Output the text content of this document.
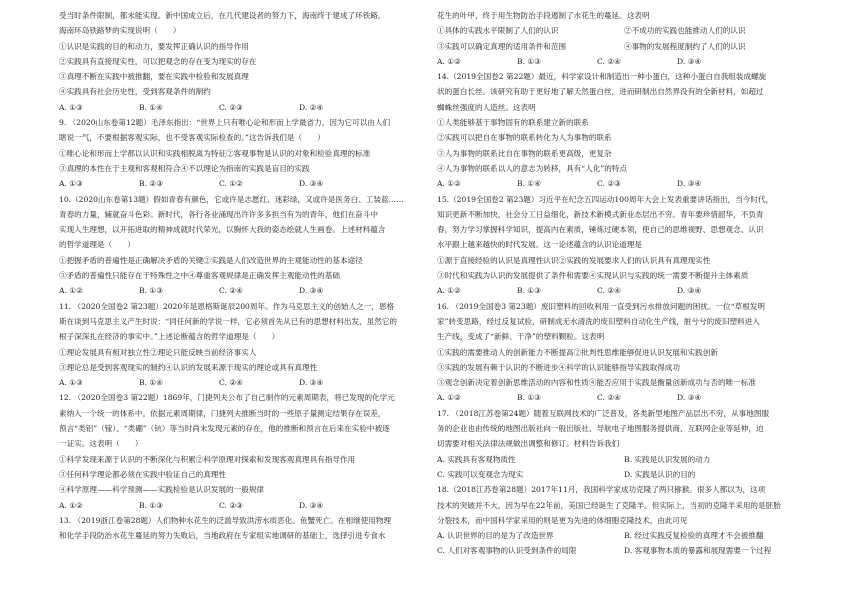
受当时条件限制，都未能实现。新中国成立后，在几代建设者的努力下，海南终于建成了环铁路。
海南环岛铁路梦的实现说明（　　）
①认识是实践的目的和动力，要发挥正确认识的指导作用
②实践具有直接现实性，可以把观念的存在变为现实的存在
③真理不断在实践中被推翻，要在实践中检验和发展真理
④实践具有社会历史性，受到客观条件的制约
A. ①③	B. ①④	C. ②③	D. ②④
9. （2020山东卷第12题）毛泽东指出：“世界上只有唯心论和形而上学最省力，因为它可以由人们
瞎说一气，不要根据客观实际，也不受客观实际检查的。”这告诉我们是（　　）
①唯心论和形而上学都以认识和实践相脱离为特征②客观事物是认识的对象和检验真理的标准
③真理的本性在于主观和客观相符合④不以理论为指南的实践是盲目的实践
A. ①③	B. ②③	C. ①②	D. ③④
10.（2020山东卷第13题）假如青春有颜色，它或许是志愿红、迷彩绿，又或许是医务白、工装蓝……
青春的力量，辅就奋斗色彩。新时代，各行各业涌现出许许多多担当有为的青年，他们在奋斗中
实现人生理想，以开拓进取的精神成就时代荣光，以胸怀大我的姿态绘就人生画卷。上述材料蕴含
的哲学道理是（　　）
①把握矛盾的普遍性是正确解决矛盾的关键②实践是人们改造世界的主观能动性的基本途径
③矛盾的普遍性只能存在于特殊性之中④尊重客观规律是正确发挥主观能动性的基础
A. ①②	B. ①③	C. ②④	D. ③④
11. （2020全国卷2 第23题）2020年是恩格斯诞辰200周年。作为马克思主义的创始人之一，恩格
斯在谈到马克思主义产生时说：“同任何新的学说一样，它必须首先从已有的思想材料出发，虽然它的
根子深深扎在经济的事实中。”上述论断蕴含的哲学道理是（　　）
①理论发展具有相对独立性②理论只能反映当前经济事实人
③理论总是受到客观现实的制约④认识的发展来源于现实的理论或具有真理性
A. ①③	B. ①④	C. ②④	D. ③④
12. （2020全国卷3 第22题）1869年，门捷列夫公布了自己制作的元素周期表，将已发现的化学元
素纳入一个统一的体系中。依据元素周期律，门捷列夫推断当时的一些原子量测定结果存在误差，
预言“类铝”（镓）、“类硼”（钪）等当时尚未发现元素的存在，他的推断和预言在后来在实验中被逐
一证实。这表明（　　）
①科学发现来源于认识的不断深化与积累②科学原理对探索和发现客观真理具有指导作用
③任何科学理论都必须在实践中验证自己的真理性
④科学原理——科学预测——实践检验是认识发展的一般规律
A. ①②	B. ①③	C. ②③	D. ③④
13. （2019浙江卷第28题）人们物种水花生的泛滥导致洪涝水质恶化、鱼蟹死亡。在相继使用物理
和化学手段防治水花生蔓延的努力失败后，当地政府在专家组实地调研的基础上，选择引进专食水
花生的叶甲，终于用生物防治手段遏制了水花生的蔓延。这表明
①具体的实践水平限制了人们的认识	②不成功的实践也能推动人们的认识
③实践可以确定真理的适用条件和范围	④事物的发展程度制约了人们的认识
A. ①②	B. ①③	C. ②④	D. ③④
14.（2019全国卷2 第22题）最近，科学家设计和制造出一种小蛋白，这种小蛋白自我组装成螺旋
状的蛋白长丝。该研究有助于更好地了解天然蛋白丝，进而研制出自然界没有的全新材料，如超过
蜘蛛丝强度的人造丝。这表明
①人类能够基于事物固有的联系建立新的联系
②实践可以把自在事物的联系转化为人为事物的联系
③人为事物的联系比自在事物的联系更高级，更复杂
④人为事物的联系以人的意志为转移，具有“人化”的特点
A. ①②	B. ①④	C. ②③	D. ③④
15.（2019全国卷2 第23题）习近平在纪念五四运动100周年大会上发表重要讲话指出，当今时代，
知识更新不断加快，社会分工日益细化，新技术新模式新业态层出不穷。青年要珍惜韶华，不负青
春，努力学习掌握科学知识，提高内在素质，锤炼过硬本领，使自己的思维视野、思想观念、认识
水平跟上越来越快的时代发展。这一论述蕴含的认识论道理是
①源于直接经验的认识是真理性认识②实践的发展要求人们的认识具有真理现实性
③时代和实践为认识的发展提供了条件和需要④实现认识与实践的统一需要不断提升主体素质
A. ①②	B. ①③	C. ②④	D. ③④
16. （2019全国卷3 第23题）废旧塑料的回收利用一直受到污水排放问题的困扰。一位“草根发明
家”转变思路，经过反复试验，研制成无水清洗的废旧塑料自动化生产线，脏兮兮的废旧塑料进入
生产线，变成了“新鲜、干净”的塑料颗粒。这表明
①实践的需要推动人的创新能力不断提高②批判性思维能够促进认识发展和实践创新
③实践的发展有赖于认识的不断进步④科学的认识能够指导实践取得成功
③观念创新决定着创新思维活动的内容和性质④能否应用于实践是衡量创新成功与否的唯一标准
A. ①②	B. ①③	C. ②④	D. ③④
17. （2018江苏卷第24题）随着互联网技术的广泛普及，各类新型地图产品层出不穷，从事地图服
务的企业也由传统的地图出版社向一般出版社、导航电子地图服务提供商、互联网企业等延伸，迫
切需要对相关法律法规做出调整和修订。材料告诉我们
A. 实践具有客观物质性	B. 实践是认识发展的动力
C. 实践可以变观念为现实	D. 实践是认识的目的
18.（2018江苏卷第28题）2017年11月，我国科学家成功克隆了两只猕猴。很多人都以为，这项
技术的突破并不大，因为早在22年前，美国已经诞生了克隆羊。但实际上，当初的克隆羊采用的是胚胎
分裂技术，而中国科学家采用的则是更为先进的体细胞克隆技术。由此可见
A. 认识世界的目的是为了改造世界	B. 经过实践反复检验的真理才不会被推翻
C. 人们对客观事物的认识受到条件的局限	D. 客观事物本质的暴露和展现需要一个过程
